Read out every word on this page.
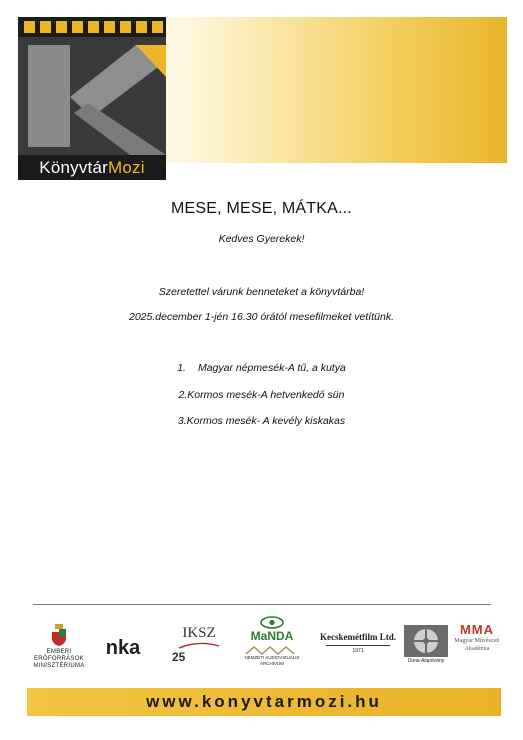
KönyvtárMozi
MESE, MESE, MÁTKA...
Kedves Gyerekek!
Szeretettel várunk benneteket a könyvtárba!
2025.december 1-jén 16.30 órától mesefilmeket vetítünk.
1. Magyar népmesék-A tű, a kutya
2.Kormos mesék-A hetvenkedő sün
3.Kormos mesék- A kevély kiskakas
EMBERI ERŐFORRÁSOK MINISZTÉRIUMA
nka
IKSZ
25
MaNDA
NEMZETI AUDIOVIZUÁLIS ARCHÍVUM
Kecskemétfilm Ltd.
1971
Duna Alapítvány
MMA
Magyar Művészeti Akadémia
www.konyvtarmozi.hu
